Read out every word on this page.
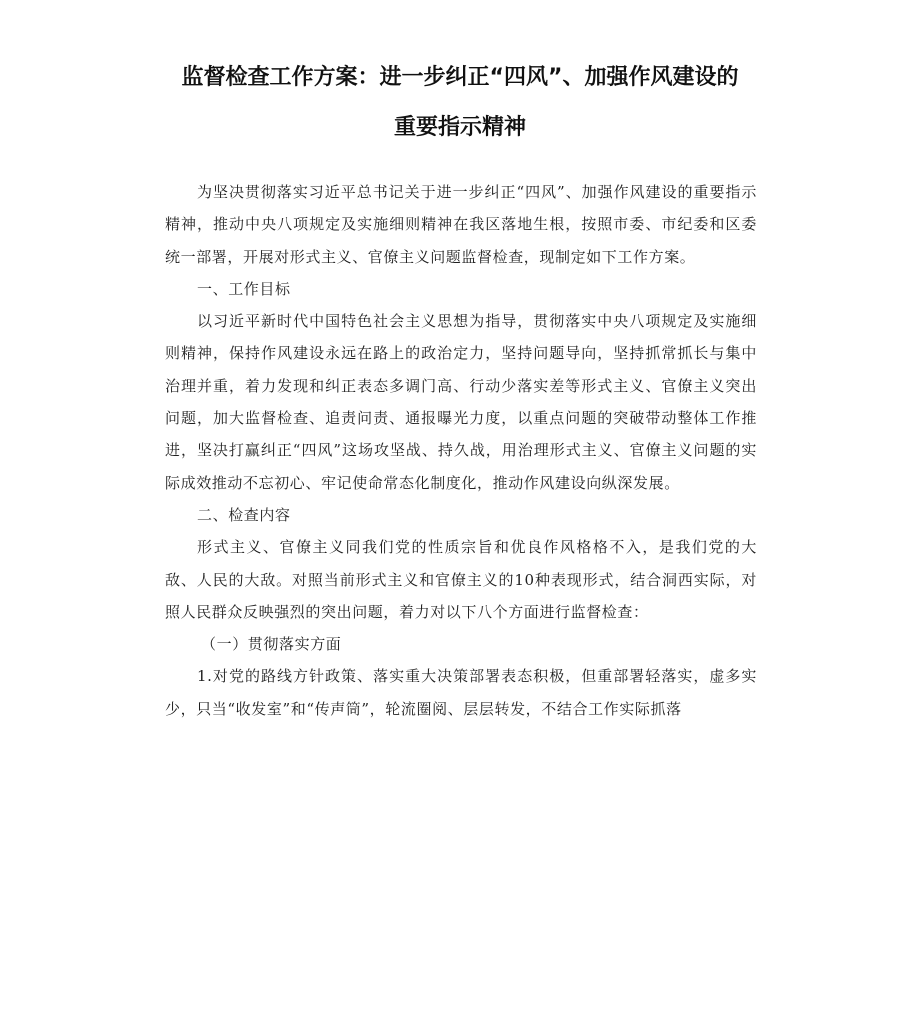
监督检查工作方案：进一步纠正“四风”、加强作风建设的
重要指示精神

为坚决贯彻落实习近平总书记关于进一步纠正“四风”、加强作风建设的重要指示精神，推动中央八项规定及实施细则精神在我区落地生根，按照市委、市纪委和区委统一部署，开展对形式主义、官僚主义问题监督检查，现制定如下工作方案。

一、工作目标

以习近平新时代中国特色社会主义思想为指导，贯彻落实中央八项规定及实施细则精神，保持作风建设永远在路上的政治定力，坚持问题导向，坚持抓常抓长与集中治理并重，着力发现和纠正表态多调门高、行动少落实差等形式主义、官僚主义突出问题，加大监督检查、追责问责、通报曝光力度，以重点问题的突破带动整体工作推进，坚决打赢纠正“四风”这场攻坚战、持久战，用治理形式主义、官僚主义问题的实际成效推动不忘初心、牢记使命常态化制度化，推动作风建设向纵深发展。

二、检查内容

形式主义、官僚主义同我们党的性质宗旨和优良作风格格不入，是我们党的大敌、人民的大敌。对照当前形式主义和官僚主义的10种表现形式，结合洞西实际，对照人民群众反映强烈的突出问题，着力对以下八个方面进行监督检查：

（一）贯彻落实方面

1.对党的路线方针政策、落实重大决策部署表态积极，但重部署轻落实，虚多实少，只当“收发室”和“传声筒”，轮流圈阅、层层转发，不结合工作实际抓落
